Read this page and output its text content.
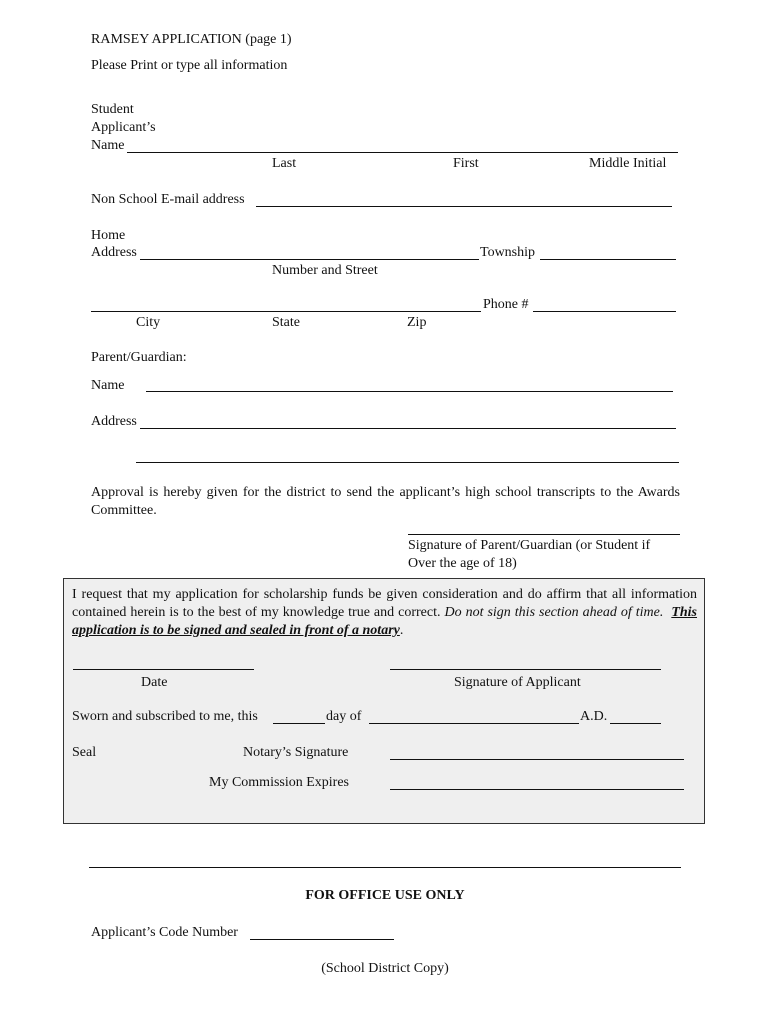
RAMSEY APPLICATION (page 1)
Please Print or type all information
Student
Applicant’s
Name
Last	First	Middle Initial
Non School E-mail address
Home
Address	Township
Number and Street
Phone #
City	State	Zip
Parent/Guardian:
Name
Address
Approval is hereby given for the district to send the applicant’s high school transcripts to the Awards Committee.
Signature of Parent/Guardian (or Student if
Over the age of 18)
I request that my application for scholarship funds be given consideration and do affirm that all information contained herein is to the best of my knowledge true and correct. Do not sign this section ahead of time. This application is to be signed and sealed in front of a notary.
Date	Signature of Applicant
Sworn and subscribed to me, this	day of	A.D.
Seal	Notary’s Signature
My Commission Expires
FOR OFFICE USE ONLY
Applicant’s Code Number
(School District Copy)
